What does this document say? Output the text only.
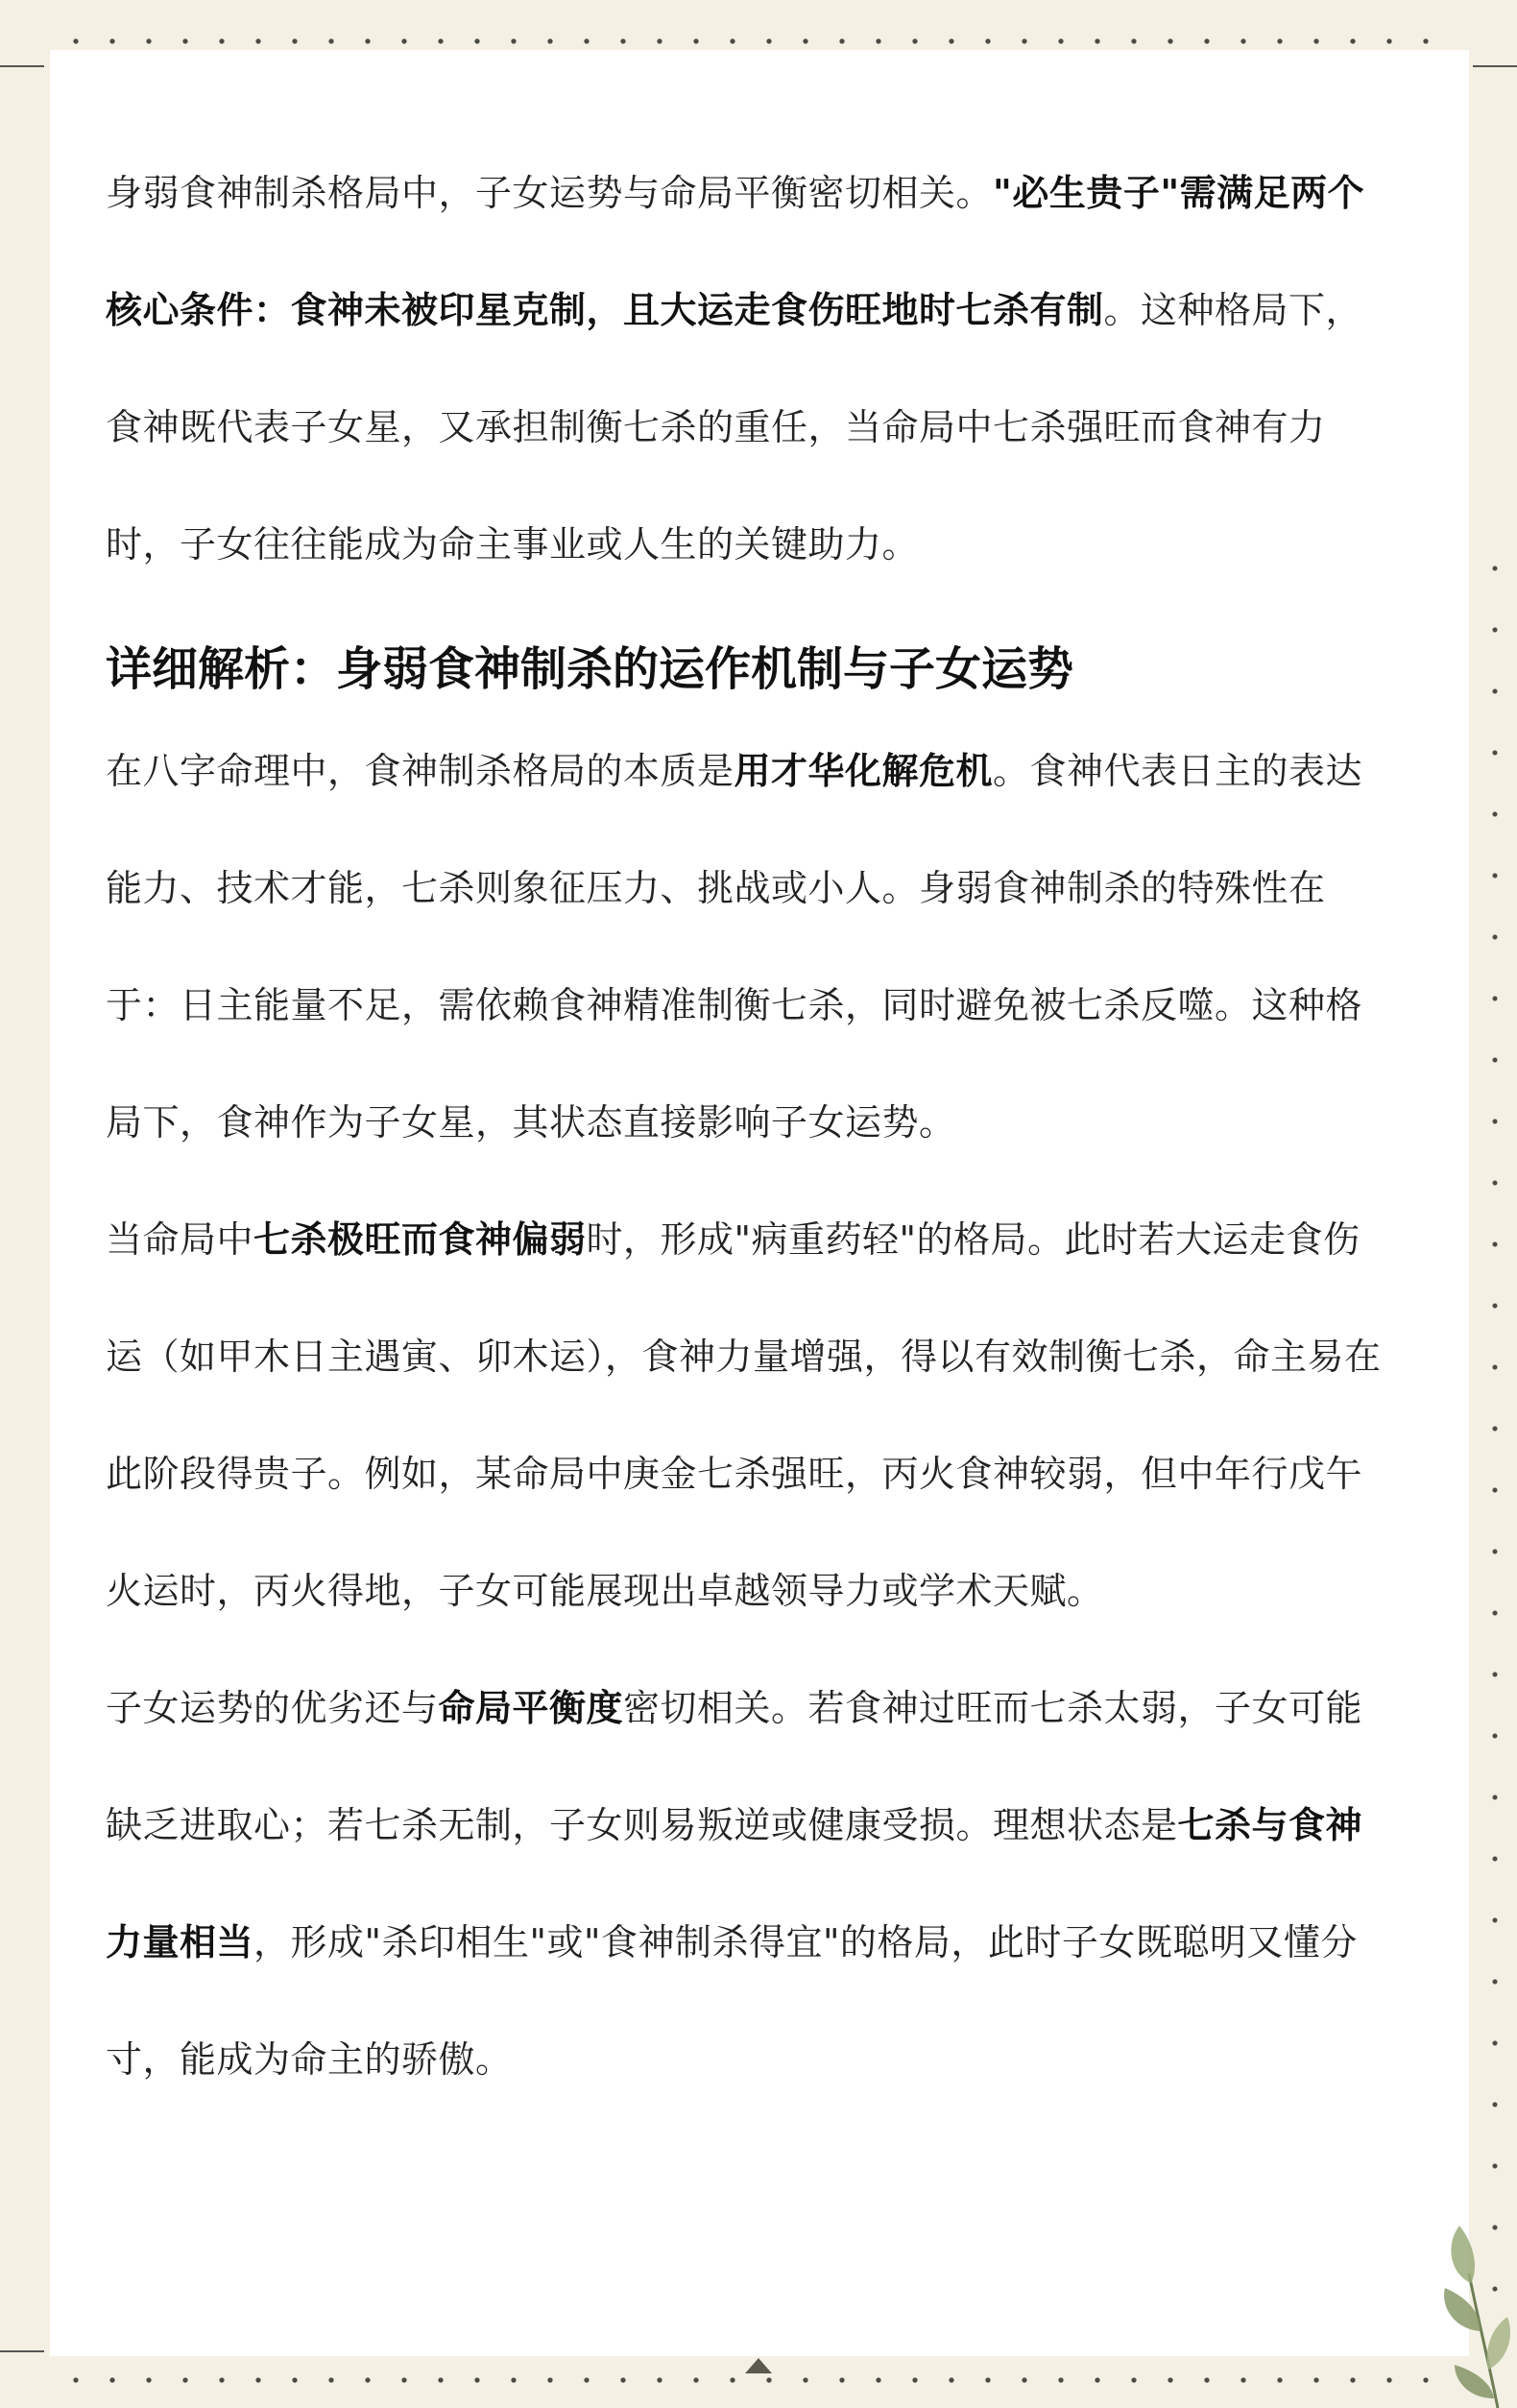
身弱食神制杀格局中，子女运势与命局平衡密切相关。"必生贵子"需满足两个核心条件：食神未被印星克制，且大运走食伤旺地时七杀有制。这种格局下，食神既代表子女星，又承担制衡七杀的重任，当命局中七杀强旺而食神有力时，子女往往能成为命主事业或人生的关键助力。

详细解析：身弱食神制杀的运作机制与子女运势

在八字命理中，食神制杀格局的本质是用才华化解危机。食神代表日主的表达能力、技术才能，七杀则象征压力、挑战或小人。身弱食神制杀的特殊性在于：日主能量不足，需依赖食神精准制衡七杀，同时避免被七杀反噬。这种格局下，食神作为子女星，其状态直接影响子女运势。

当命局中七杀极旺而食神偏弱时，形成"病重药轻"的格局。此时若大运走食伤运（如甲木日主遇寅、卯木运），食神力量增强，得以有效制衡七杀，命主易在此阶段得贵子。例如，某命局中庚金七杀强旺，丙火食神较弱，但中年行戊午火运时，丙火得地，子女可能展现出卓越领导力或学术天赋。

子女运势的优劣还与命局平衡度密切相关。若食神过旺而七杀太弱，子女可能缺乏进取心；若七杀无制，子女则易叛逆或健康受损。理想状态是七杀与食神力量相当，形成"杀印相生"或"食神制杀得宜"的格局，此时子女既聪明又懂分寸，能成为命主的骄傲。
